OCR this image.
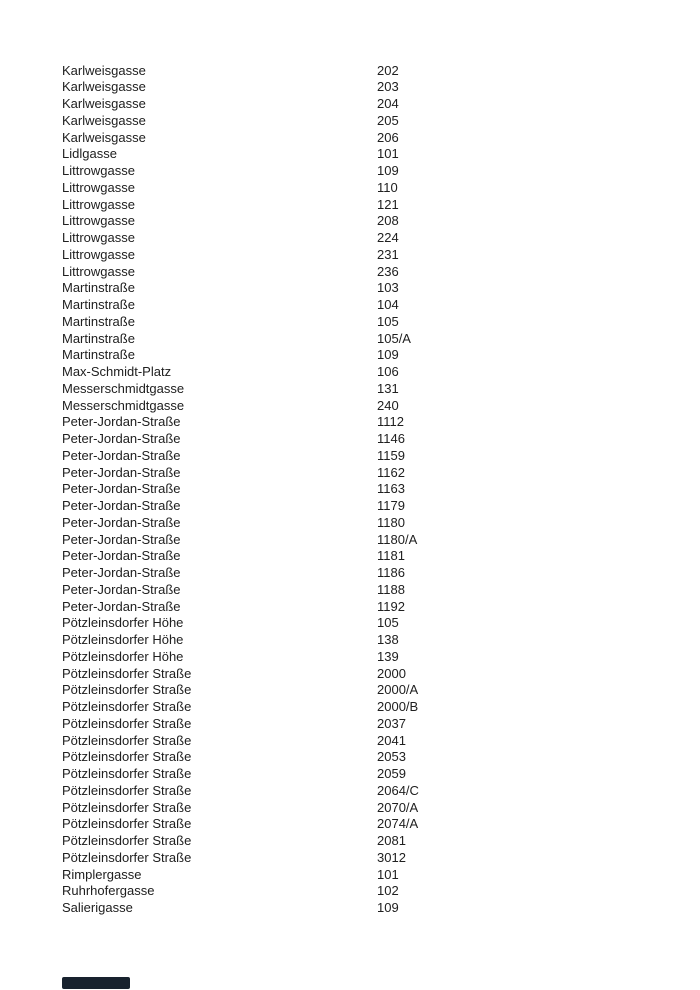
Karlweisgasse	202
Karlweisgasse	203
Karlweisgasse	204
Karlweisgasse	205
Karlweisgasse	206
Lidlgasse	101
Littrowgasse	109
Littrowgasse	110
Littrowgasse	121
Littrowgasse	208
Littrowgasse	224
Littrowgasse	231
Littrowgasse	236
Martinstraße	103
Martinstraße	104
Martinstraße	105
Martinstraße	105/A
Martinstraße	109
Max-Schmidt-Platz	106
Messerschmidtgasse	131
Messerschmidtgasse	240
Peter-Jordan-Straße	1112
Peter-Jordan-Straße	1146
Peter-Jordan-Straße	1159
Peter-Jordan-Straße	1162
Peter-Jordan-Straße	1163
Peter-Jordan-Straße	1179
Peter-Jordan-Straße	1180
Peter-Jordan-Straße	1180/A
Peter-Jordan-Straße	1181
Peter-Jordan-Straße	1186
Peter-Jordan-Straße	1188
Peter-Jordan-Straße	1192
Pötzleinsdorfer Höhe	105
Pötzleinsdorfer Höhe	138
Pötzleinsdorfer Höhe	139
Pötzleinsdorfer Straße	2000
Pötzleinsdorfer Straße	2000/A
Pötzleinsdorfer Straße	2000/B
Pötzleinsdorfer Straße	2037
Pötzleinsdorfer Straße	2041
Pötzleinsdorfer Straße	2053
Pötzleinsdorfer Straße	2059
Pötzleinsdorfer Straße	2064/C
Pötzleinsdorfer Straße	2070/A
Pötzleinsdorfer Straße	2074/A
Pötzleinsdorfer Straße	2081
Pötzleinsdorfer Straße	3012
Rimplergasse	101
Ruhrhofergasse	102
Salierigasse	109
